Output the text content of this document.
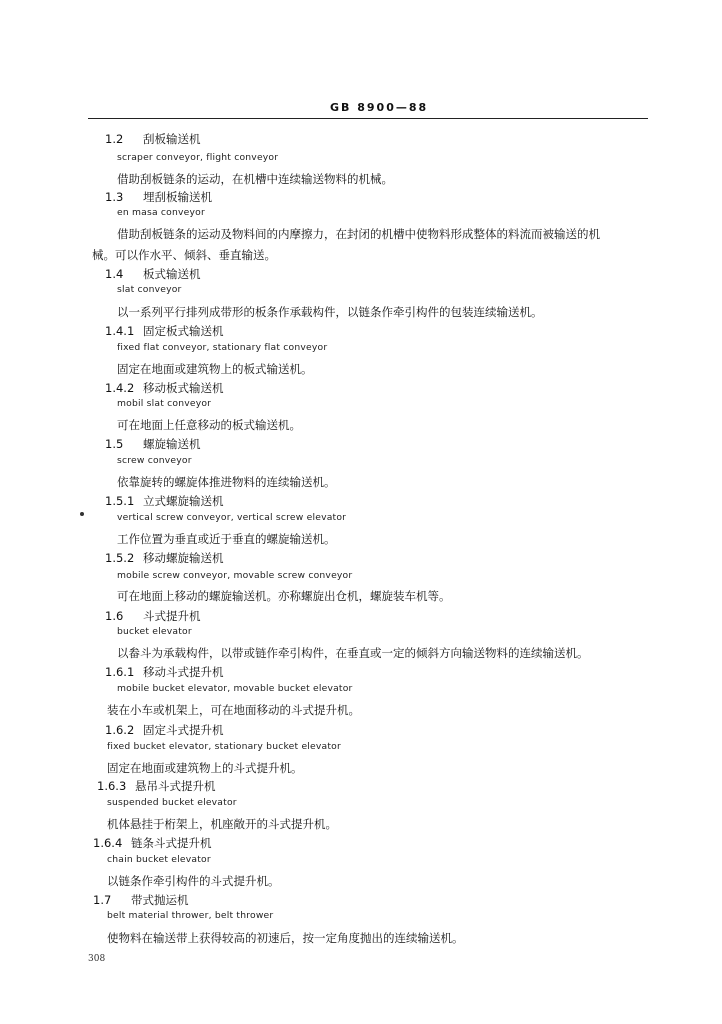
GB 8900—88
1.2 刮板输送机
scraper conveyor, flight conveyor
借助刮板链条的运动，在机槽中连续输送物料的机械。
1.3 埋刮板输送机
en masa conveyor
借助刮板链条的运动及物料间的内摩擦力，在封闭的机槽中使物料形成整体的料流而被输送的机
械。可以作水平、倾斜、垂直输送。
1.4 板式输送机
slat conveyor
以一系列平行排列成带形的板条作承载构件，以链条作牵引构件的包装连续输送机。
1.4.1 固定板式输送机
fixed flat conveyor, stationary flat conveyor
固定在地面或建筑物上的板式输送机。
1.4.2 移动板式输送机
mobil slat conveyor
可在地面上任意移动的板式输送机。
1.5 螺旋输送机
screw conveyor
依靠旋转的螺旋体推进物料的连续输送机。
1.5.1 立式螺旋输送机
vertical screw conveyor, vertical screw elevator
工作位置为垂直或近于垂直的螺旋输送机。
1.5.2 移动螺旋输送机
mobile screw conveyor, movable screw conveyor
可在地面上移动的螺旋输送机。亦称螺旋出仓机，螺旋装车机等。
1.6 斗式提升机
bucket elevator
以畚斗为承载构件，以带或链作牵引构件，在垂直或一定的倾斜方向输送物料的连续输送机。
1.6.1 移动斗式提升机
mobile bucket elevator, movable bucket elevator
装在小车或机架上，可在地面移动的斗式提升机。
1.6.2 固定斗式提升机
fixed bucket elevator, stationary bucket elevator
固定在地面或建筑物上的斗式提升机。
1.6.3 悬吊斗式提升机
suspended bucket elevator
机体悬挂于桁架上，机座敞开的斗式提升机。
1.6.4 链条斗式提升机
chain bucket elevator
以链条作牵引构件的斗式提升机。
1.7 带式抛运机
belt material thrower, belt thrower
使物料在输送带上获得较高的初速后，按一定角度抛出的连续输送机。
308
